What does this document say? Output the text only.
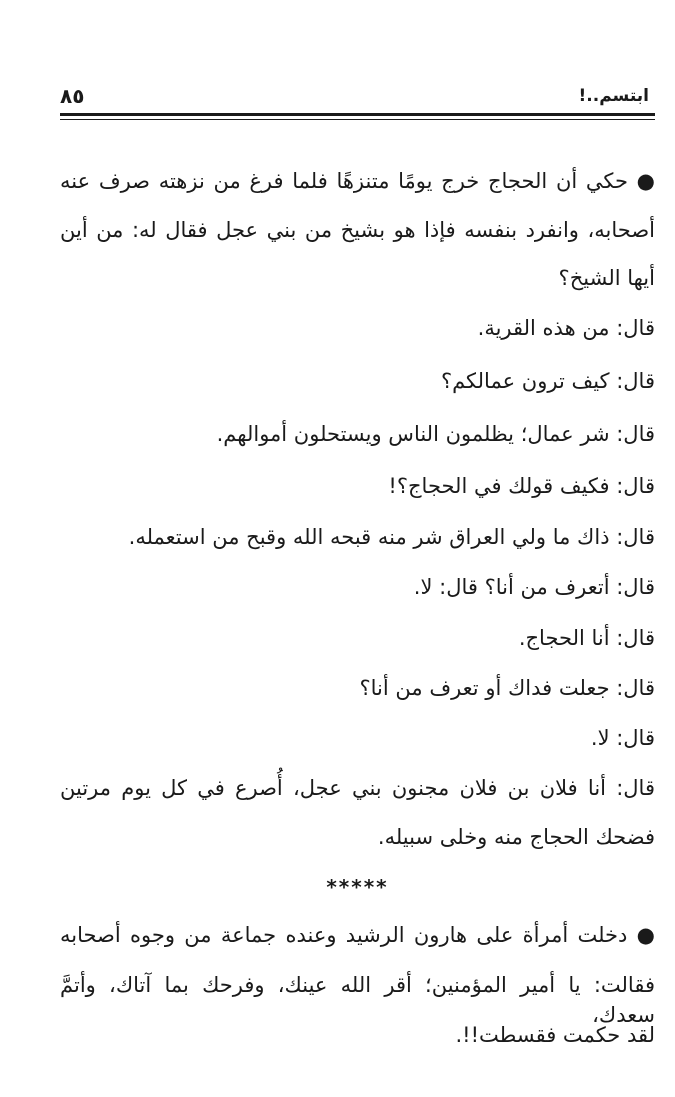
ابتسم..!
٨٥
● حكي أن الحجاج خرج يومًا متنزهًا فلما فرغ من نزهته صرف عنه
أصحابه، وانفرد بنفسه فإذا هو بشيخ من بني عجل فقال له: من أين
أيها الشيخ؟
قال: من هذه القرية.
قال: كيف ترون عمالكم؟
قال: شر عمال؛ يظلمون الناس ويستحلون أموالهم.
قال: فكيف قولك في الحجاج؟!
قال: ذاك ما ولي العراق شر منه قبحه الله وقبح من استعمله.
قال: أتعرف من أنا؟ قال: لا.
قال: أنا الحجاج.
قال: جعلت فداك أو تعرف من أنا؟
قال: لا.
قال: أنا فلان بن فلان مجنون بني عجل، أُصرع في كل يوم مرتين
فضحك الحجاج منه وخلى سبيله.
*****
● دخلت أمرأة على هارون الرشيد وعنده جماعة من وجوه أصحابه
فقالت: يا أمير المؤمنين؛ أقر الله عينك، وفرحك بما آتاك، وأتمَّ سعدك،
لقد حكمت فقسطت!!.
